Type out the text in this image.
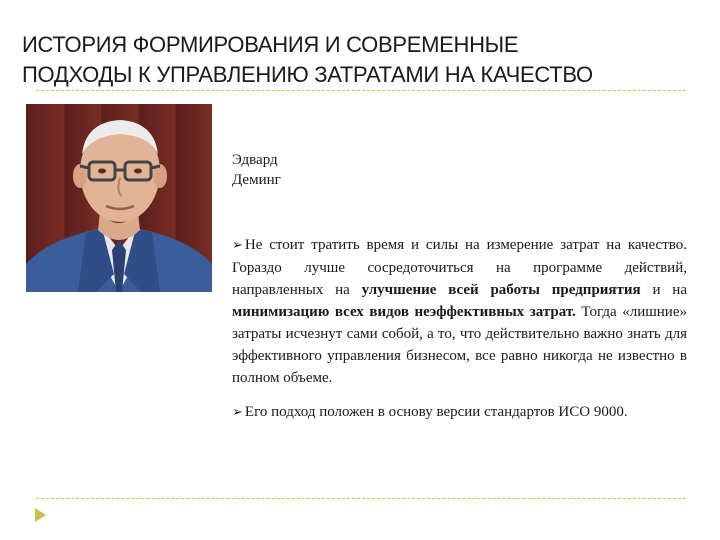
ИСТОРИЯ ФОРМИРОВАНИЯ И СОВРЕМЕННЫЕ
ПОДХОДЫ К УПРАВЛЕНИЮ ЗАТРАТАМИ НА КАЧЕСТВО
Эдвард
Деминг

➢ Не стоит тратить время и силы на измерение затрат на качество. Гораздо лучше сосредоточиться на программе действий, направленных на улучшение всей работы предприятия и на минимизацию всех видов неэффективных затрат. Тогда «лишние» затраты исчезнут сами собой, а то, что действительно важно знать для эффективного управления бизнесом, все равно никогда не известно в полном объеме.

➢ Его подход положен в основу версии стандартов ИСО 9000.
